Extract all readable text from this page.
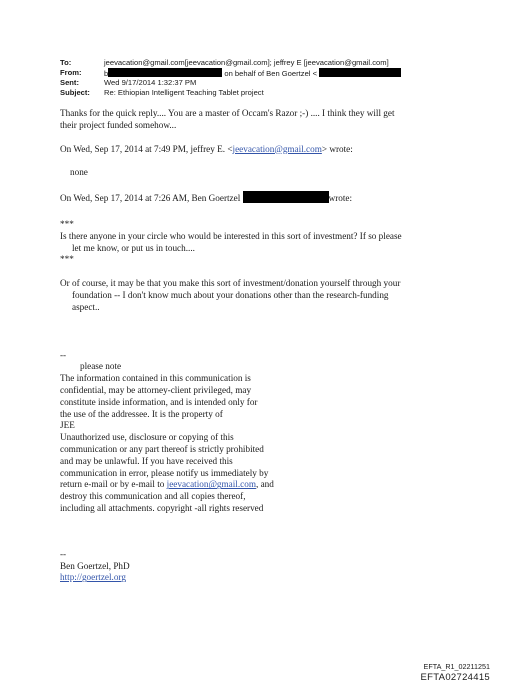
To:	jeevacation@gmail.com[jeevacation@gmail.com]; jeffrey E [jeevacation@gmail.com]
From:	b	on behalf of Ben Goertzel <
Sent:	Wed 9/17/2014 1:32:37 PM
Subject: Re: Ethiopian Intelligent Teaching Tablet project

Thanks for the quick reply.... You are a master of Occam's Razor ;-) .... I think they will get

their project funded somehow...

On Wed, Sep 17, 2014 at 7:49 PM, jeffrey E. <jeevacation@gmail.com> wrote:

none

On Wed, Sep 17, 2014 at 7:26 AM, Ben Goertzel	wrote:

***

Is there anyone in your circle who would be interested in this sort of investment? If so please

let me know, or put us in touch....

***

Or of course, it may be that you make this sort of investment/donation yourself through your

foundation -- I don't know much about your donations other than the research-funding

aspect..

--

please note

The information contained in this communication is

confidential, may be attorney-client privileged, may

constitute inside information, and is intended only for

the use of the addressee. It is the property of

JEE

Unauthorized use, disclosure or copying of this

communication or any part thereof is strictly prohibited

and may be unlawful. If you have received this

communication in error, please notify us immediately by

return e-mail or by e-mail to jeevacation@gmail.com, and

destroy this communication and all copies thereof,

including all attachments. copyright -all rights reserved

--

Ben Goertzel, PhD

http://goertzel.org

EFTA_R1_02211251
EFTA02724415
